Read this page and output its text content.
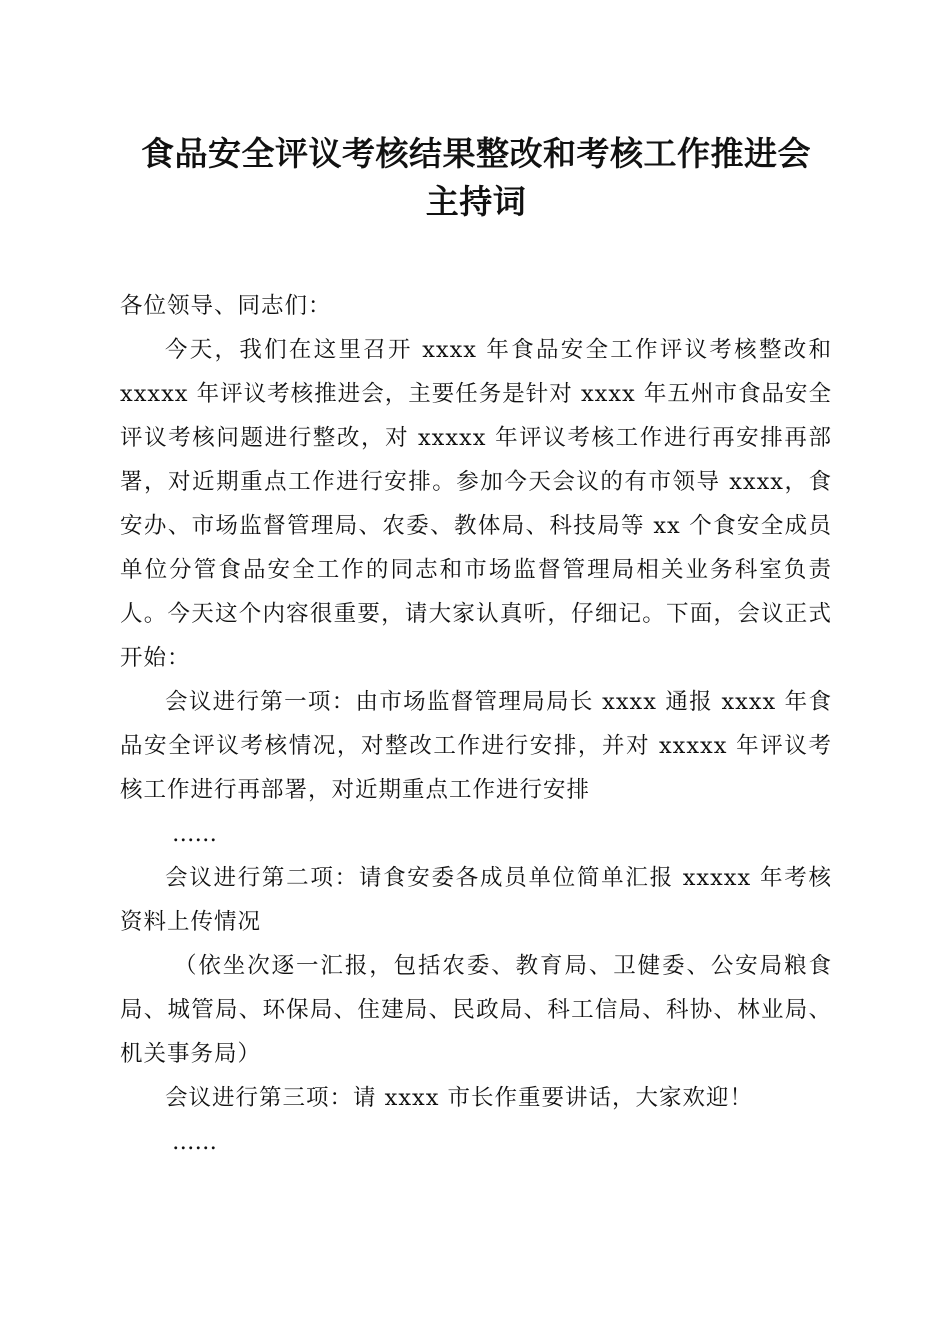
食品安全评议考核结果整改和考核工作推进会
主持词

各位领导、同志们：

今天，我们在这里召开 xxxx 年食品安全工作评议考核整改和 xxxxx 年评议考核推进会，主要任务是针对 xxxx 年五州市食品安全评议考核问题进行整改，对 xxxxx 年评议考核工作进行再安排再部署，对近期重点工作进行安排。参加今天会议的有市领导 xxxx，食安办、市场监督管理局、农委、教体局、科技局等 xx 个食安全成员单位分管食品安全工作的同志和市场监督管理局相关业务科室负责人。今天这个内容很重要，请大家认真听，仔细记。下面，会议正式开始：

会议进行第一项：由市场监督管理局局长 xxxx 通报 xxxx 年食品安全评议考核情况，对整改工作进行安排，并对 xxxxx 年评议考核工作进行再部署，对近期重点工作进行安排

……

会议进行第二项：请食安委各成员单位简单汇报 xxxxx 年考核资料上传情况

（依坐次逐一汇报，包括农委、教育局、卫健委、公安局粮食局、城管局、环保局、住建局、民政局、科工信局、科协、林业局、机关事务局）

会议进行第三项：请 xxxx 市长作重要讲话，大家欢迎！

……
